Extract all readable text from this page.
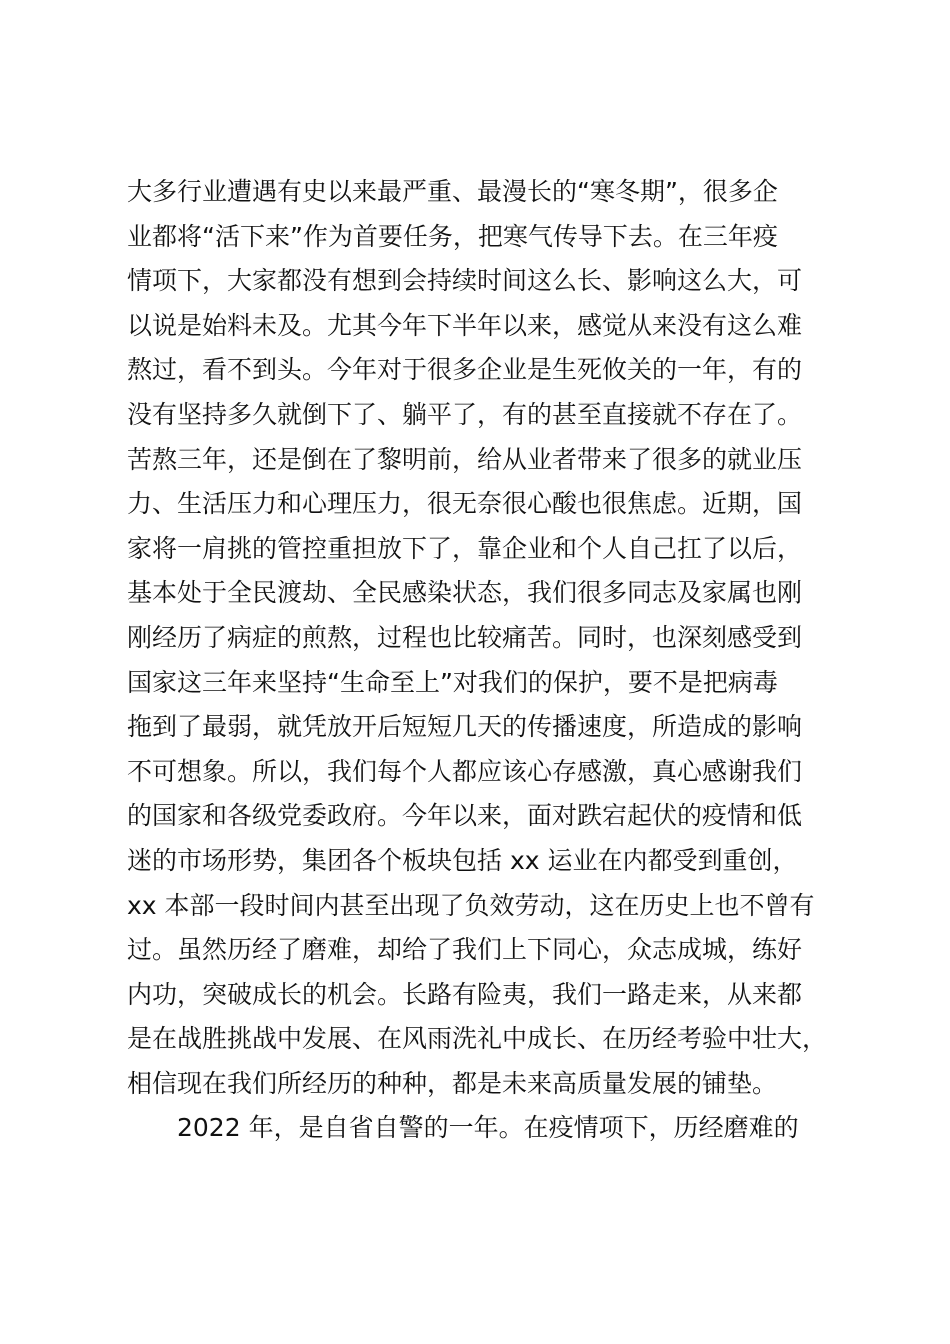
大多行业遭遇有史以来最严重、最漫长的“寒冬期”，很多企
业都将“活下来”作为首要任务，把寒气传导下去。在三年疫
情项下，大家都没有想到会持续时间这么长、影响这么大，可
以说是始料未及。尤其今年下半年以来，感觉从来没有这么难
熬过，看不到头。今年对于很多企业是生死攸关的一年，有的
没有坚持多久就倒下了、躺平了，有的甚至直接就不存在了。
苦熬三年，还是倒在了黎明前，给从业者带来了很多的就业压
力、生活压力和心理压力，很无奈很心酸也很焦虑。近期，国
家将一肩挑的管控重担放下了，靠企业和个人自己扛了以后，
基本处于全民渡劫、全民感染状态，我们很多同志及家属也刚
刚经历了病症的煎熬，过程也比较痛苦。同时，也深刻感受到
国家这三年来坚持“生命至上”对我们的保护，要不是把病毒
拖到了最弱，就凭放开后短短几天的传播速度，所造成的影响
不可想象。所以，我们每个人都应该心存感激，真心感谢我们
的国家和各级党委政府。今年以来，面对跌宕起伏的疫情和低
迷的市场形势，集团各个板块包括 xx 运业在内都受到重创，
xx 本部一段时间内甚至出现了负效劳动，这在历史上也不曾有
过。虽然历经了磨难，却给了我们上下同心，众志成城，练好
内功，突破成长的机会。长路有险夷，我们一路走来，从来都
是在战胜挑战中发展、在风雨洗礼中成长、在历经考验中壮大，
相信现在我们所经历的种种，都是未来高质量发展的铺垫。
2022 年，是自省自警的一年。在疫情项下，历经磨难的
